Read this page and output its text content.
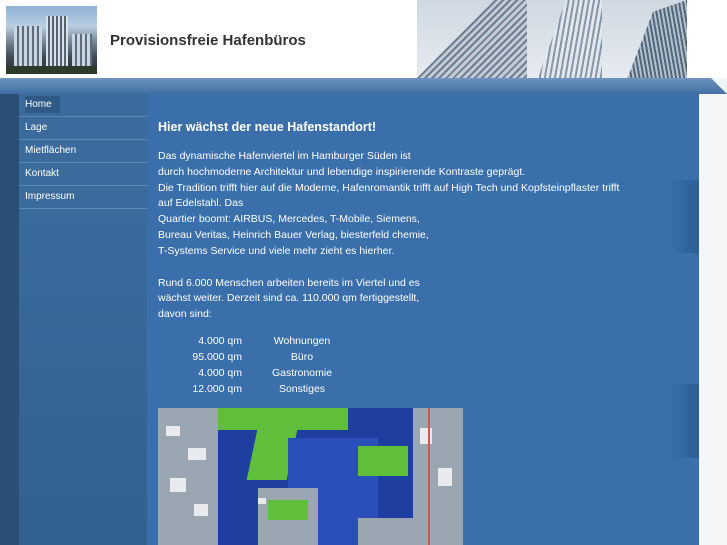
Provisionsfreie Hafenbüros
Home
Lage
Mietflächen
Kontakt
Impressum
Hier wächst der neue Hafenstandort!
Das dynamische Hafenviertel im Hamburger Süden ist
durch hochmoderne Architektur und lebendige inspirierende Kontraste geprägt.
Die Tradition trifft hier auf die Moderne, Hafenromantik trifft auf High Tech und Kopfsteinpflaster trifft
auf Edelstahl. Das
Quartier boomt: AIRBUS, Mercedes, T-Mobile, Siemens,
Bureau Veritas, Heinrich Bauer Verlag, biesterfeld chemie,
T-Systems Service und viele mehr zieht es hierher.
Rund 6.000 Menschen arbeiten bereits im Viertel und es
wächst weiter. Derzeit sind ca. 110.000 qm fertiggestellt,
davon sind:
4.000 qm	Wohnungen
95.000 qm	Büro
4.000 qm	Gastronomie
12.000 qm	Sonstiges
